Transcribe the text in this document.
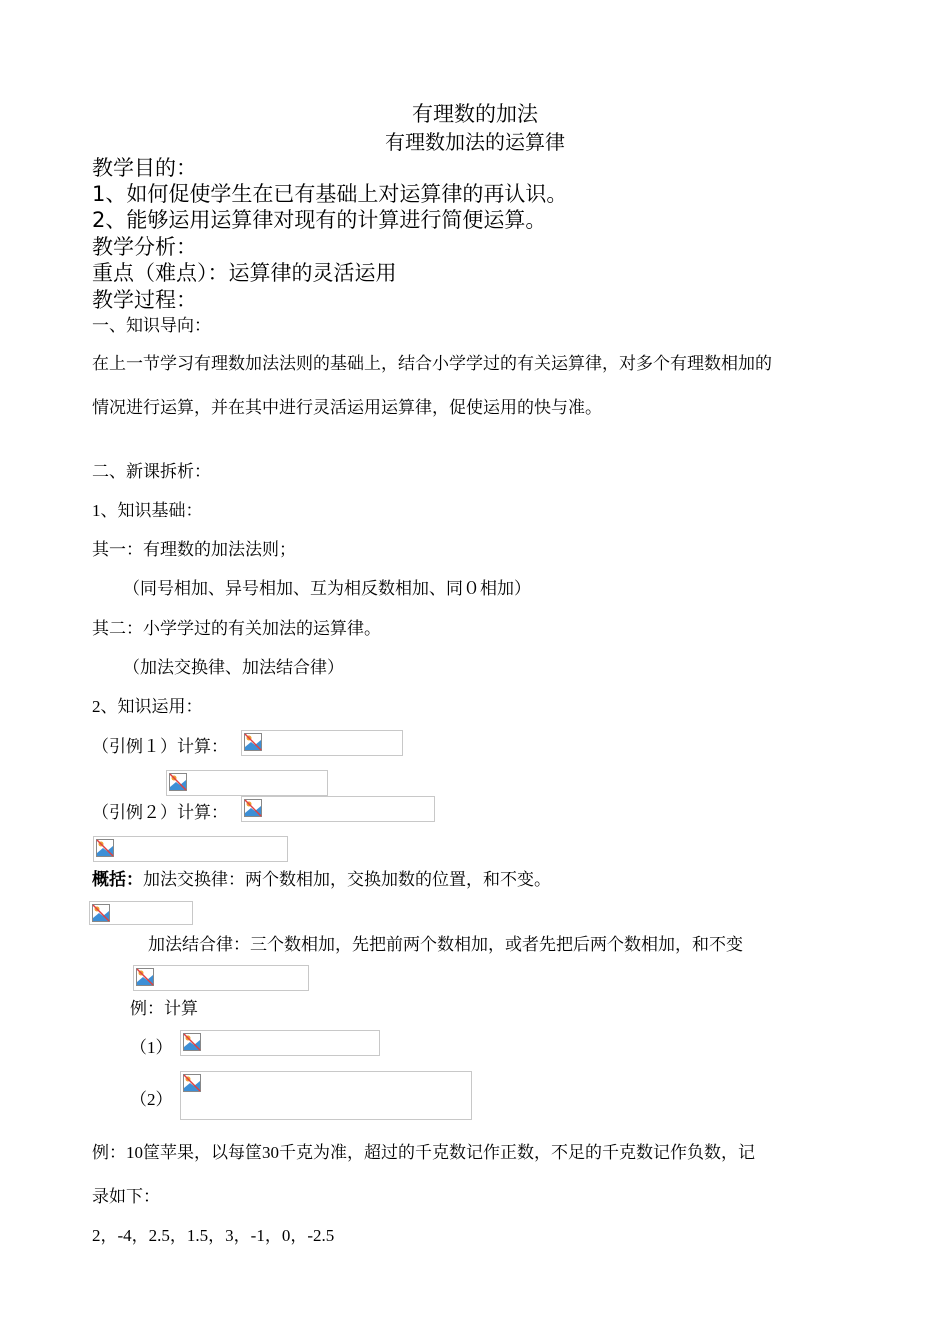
有理数的加法
有理数加法的运算律
教学目的：
1、如何促使学生在已有基础上对运算律的再认识。
2、能够运用运算律对现有的计算进行简便运算。
教学分析：
重点（难点）：运算律的灵活运用
教学过程：
一、知识导向：
在上一节学习有理数加法法则的基础上，结合小学学过的有关运算律，对多个有理数相加的
情况进行运算，并在其中进行灵活运用运算律，促使运用的快与准。
二、新课拆析：
1、知识基础：
其一：有理数的加法法则；
（同号相加、异号相加、互为相反数相加、同０相加）
其二：小学学过的有关加法的运算律。
（加法交换律、加法结合律）
2、知识运用：
（引例１）计算：
（引例２）计算：
概括：加法交换律：两个数相加，交换加数的位置，和不变。
加法结合律：三个数相加，先把前两个数相加，或者先把后两个数相加，和不变
例：计算
（1）
（2）
例：10筐苹果，以每筐30千克为准，超过的千克数记作正数，不足的千克数记作负数，记
录如下：
2，-4，2.5，1.5，3，-1，0，-2.5
